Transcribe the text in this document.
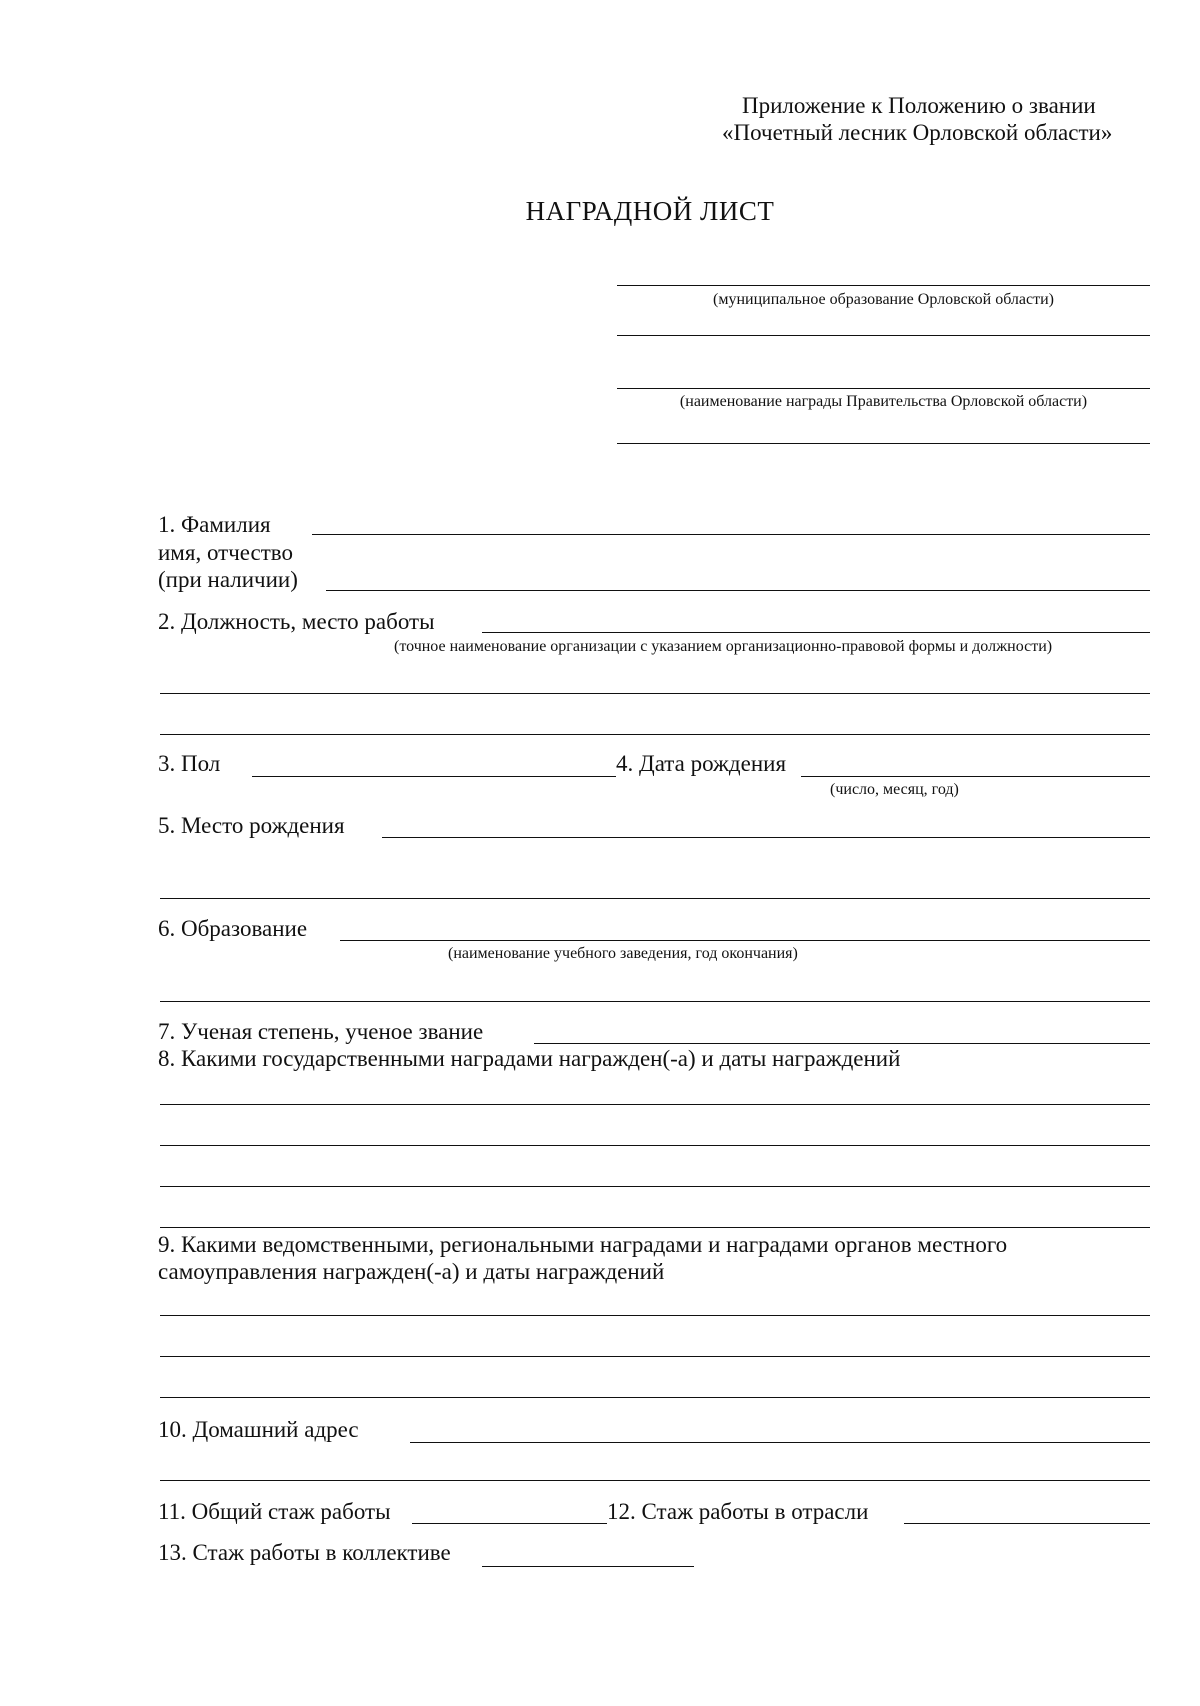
Приложение к Положению о звании
«Почетный лесник Орловской области»
НАГРАДНОЙ ЛИСТ
(муниципальное образование Орловской области)
(наименование награды Правительства Орловской области)
1. Фамилия
имя, отчество
(при наличии)
2. Должность, место работы
(точное наименование организации с указанием организационно-правовой формы и должности)
3. Пол	4. Дата рождения
(число, месяц, год)
5. Место рождения
6. Образование
(наименование учебного заведения, год окончания)
7. Ученая степень, ученое звание
8. Какими государственными наградами награжден(-а) и даты награждений
9. Какими ведомственными, региональными наградами и наградами органов местного
самоуправления награжден(-а) и даты награждений
10. Домашний адрес
11. Общий стаж работы	12. Стаж работы в отрасли
13. Стаж работы в коллективе
